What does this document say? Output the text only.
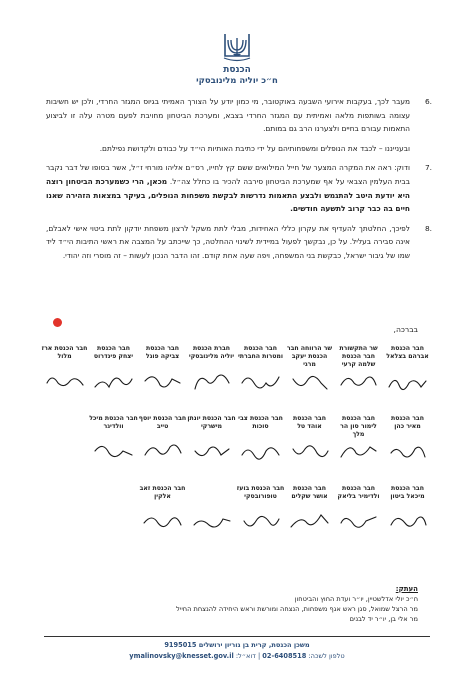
הכנסת
ח״כ יוליה מלינובסקי
.6

מעבר לכך, בעקבות אירועי השבעה באוקטובר, מי כמון יודע על הצורך האמיתי בגיוס המגזר החרדי, ולכן יש חשיבות עצומה בשותפות מלאה ואמיתית עם המגזר החרדי בצבא, ומערכת הביטחון מחויבת לפעם מטרה עלה זו לביצוע התאמות עבורם בחיים ולצערנו הרב גם במותם.

ובענייננו – לכבד את הנופלים ומשפחותיהם על ידי כתיבת האותיות הי״ד על כבודם ולקדושת נפילתם.

.7

ודוק: ראה את המקרה המצער של חייל המילואים ששם קץ לחייו, רס״ם אליהו מורחי ז״ל, אשר בסופו של דבר נקבר בבית העלמין הצבאי על אף שמערכת הביטחון סירבה להכיר בו כחלל צה״ל. מכאן, הרי כשמערכת הביטחון רוצה היא יודעת היטב להתגמש ולבצע התאמות נדרשות לבקשת משפחות הנופלים, בעיקר במצאות הזהירה שאנו חיים בה כבר קרוב לתשעה חודשים.

.8

לפיכך, החלטתך להעדיף את עקרון כללי האחידות, מבלי לתת משקל לרצון משפחת יודקון לתת ביטוי אישי לאבלם, אינה סבירה בעליל. על כן, נבקשך לפעול במיידית לשינוי ההחלטה, כך שייכתב על המצבה את ראשי התיבות הי״ד ליד שמו של גיבור ישראל, כבקשת בני המשפחה, ויפה שעה אחת קודם. זהו הדבר הנכון לעשות – זה מוסרי וזה יהודי.

בברכה,
חבר הכנסת אברהם בצלאל
שר התקשורת חבר הכנסת שלמה קרעי
שר הרווחה חבר הכנסת יעקב מרגי
חבר הכנסת ומטרות החברתי
חברת הכנסת יוליה מלינובסקי
חבר הכנסת צביקה פוגל
חבר הכנסת יצחק פינדרוס
חבר הכנסת ארז מלול
חבר הכנסת מאיר כהן
חבר הכנסת לימור סון הר מלך
חבר הכנסת אוהד טל
חבר הכנסת צבי סוכות
חבר הכנסת יונתן מישרקי
חבר הכנסת יוסף טייב
חבר הכנסת מיכל וולדיגר
חבר הכנסת מיכאל ביטון
חבר הכנסת ולדימיר בליאק
חבר הכנסת אושר שקלים
חבר הכנסת בועז טופורובסקי
חבר הכנסת זאב אלקין
העתק:
ח״כ יולי אדלשטיין, יו״ר ועדת החוץ והביטחון
מר הרצל שמואל, סגן ראש אגף משפחות, הנצחה ומורשת וראש היחידה להנצחת החייל
מר אלי בן, יו״ר יד לבנים
משכן הכנסת, קרית בן גוריון ירושלים 9195015
טלפון לשכה: 02-6408518 | דוא״ל: ymalinovsky@knesset.gov.il
